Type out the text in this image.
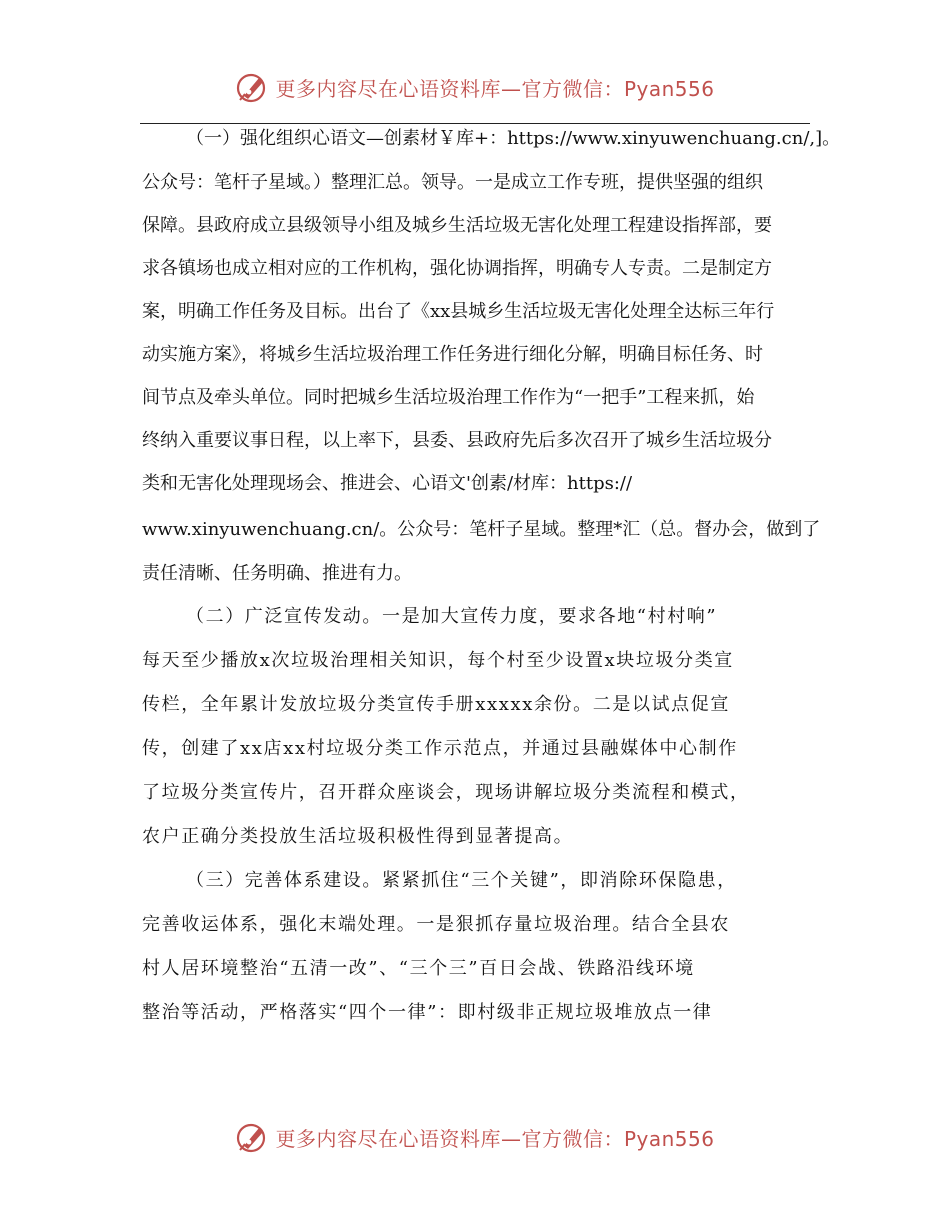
更多内容尽在心语资料库—官方微信：Pyan556
（一）强化组织心语文—创素材￥库+：https://www.xinyuwenchuang.cn/,]。
公众号：笔杆子星域。）整理汇总。领导。一是成立工作专班，提供坚强的组织
保障。县政府成立县级领导小组及城乡生活垃圾无害化处理工程建设指挥部，要
求各镇场也成立相对应的工作机构，强化协调指挥，明确专人专责。二是制定方
案，明确工作任务及目标。出台了《xx县城乡生活垃圾无害化处理全达标三年行
动实施方案》，将城乡生活垃圾治理工作任务进行细化分解，明确目标任务、时
间节点及牵头单位。同时把城乡生活垃圾治理工作作为“一把手”工程来抓，始
终纳入重要议事日程，以上率下，县委、县政府先后多次召开了城乡生活垃圾分
类和无害化处理现场会、推进会、心语文'创素/材库：https://
www.xinyuwenchuang.cn/。公众号：笔杆子星域。整理*汇（总。督办会，做到了
责任清晰、任务明确、推进有力。
（二）广泛宣传发动。一是加大宣传力度，要求各地“村村响”
每天至少播放x次垃圾治理相关知识，每个村至少设置x块垃圾分类宣
传栏，全年累计发放垃圾分类宣传手册xxxxx余份。二是以试点促宣
传，创建了xx店xx村垃圾分类工作示范点，并通过县融媒体中心制作
了垃圾分类宣传片，召开群众座谈会，现场讲解垃圾分类流程和模式，
农户正确分类投放生活垃圾积极性得到显著提高。
（三）完善体系建设。紧紧抓住“三个关键”，即消除环保隐患，
完善收运体系，强化末端处理。一是狠抓存量垃圾治理。结合全县农
村人居环境整治“五清一改”、“三个三”百日会战、铁路沿线环境
整治等活动，严格落实“四个一律”：即村级非正规垃圾堆放点一律
更多内容尽在心语资料库—官方微信：Pyan556
